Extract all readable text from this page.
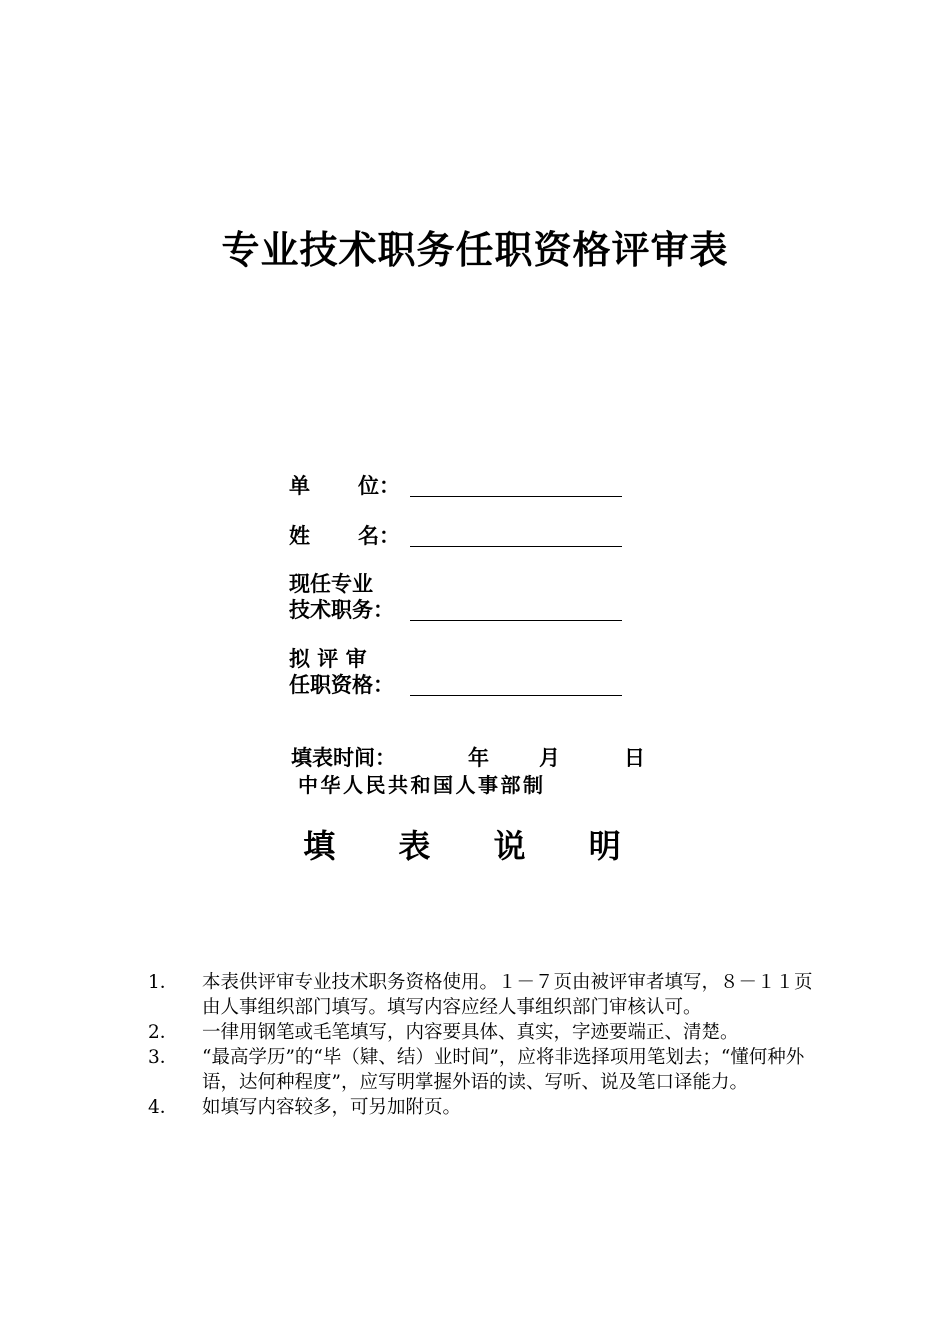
专业技术职务任职资格评审表
单位：
姓名：
现任专业
技术职务：
拟 评 审
任职资格：
填表时间：	年 月	日
中华人民共和国人事部制
填 表 说 明
1．	本表供评审专业技术职务资格使用。１－７页由被评审者填写，８－１１页由人事组织部门填写。填写内容应经人事组织部门审核认可。
2．	一律用钢笔或毛笔填写，内容要具体、真实，字迹要端正、清楚。
3．	“最高学历”的“毕（肄、结）业时间”，应将非选择项用笔划去；“懂何种外语，达何种程度”，应写明掌握外语的读、写听、说及笔口译能力。
4．	如填写内容较多，可另加附页。
